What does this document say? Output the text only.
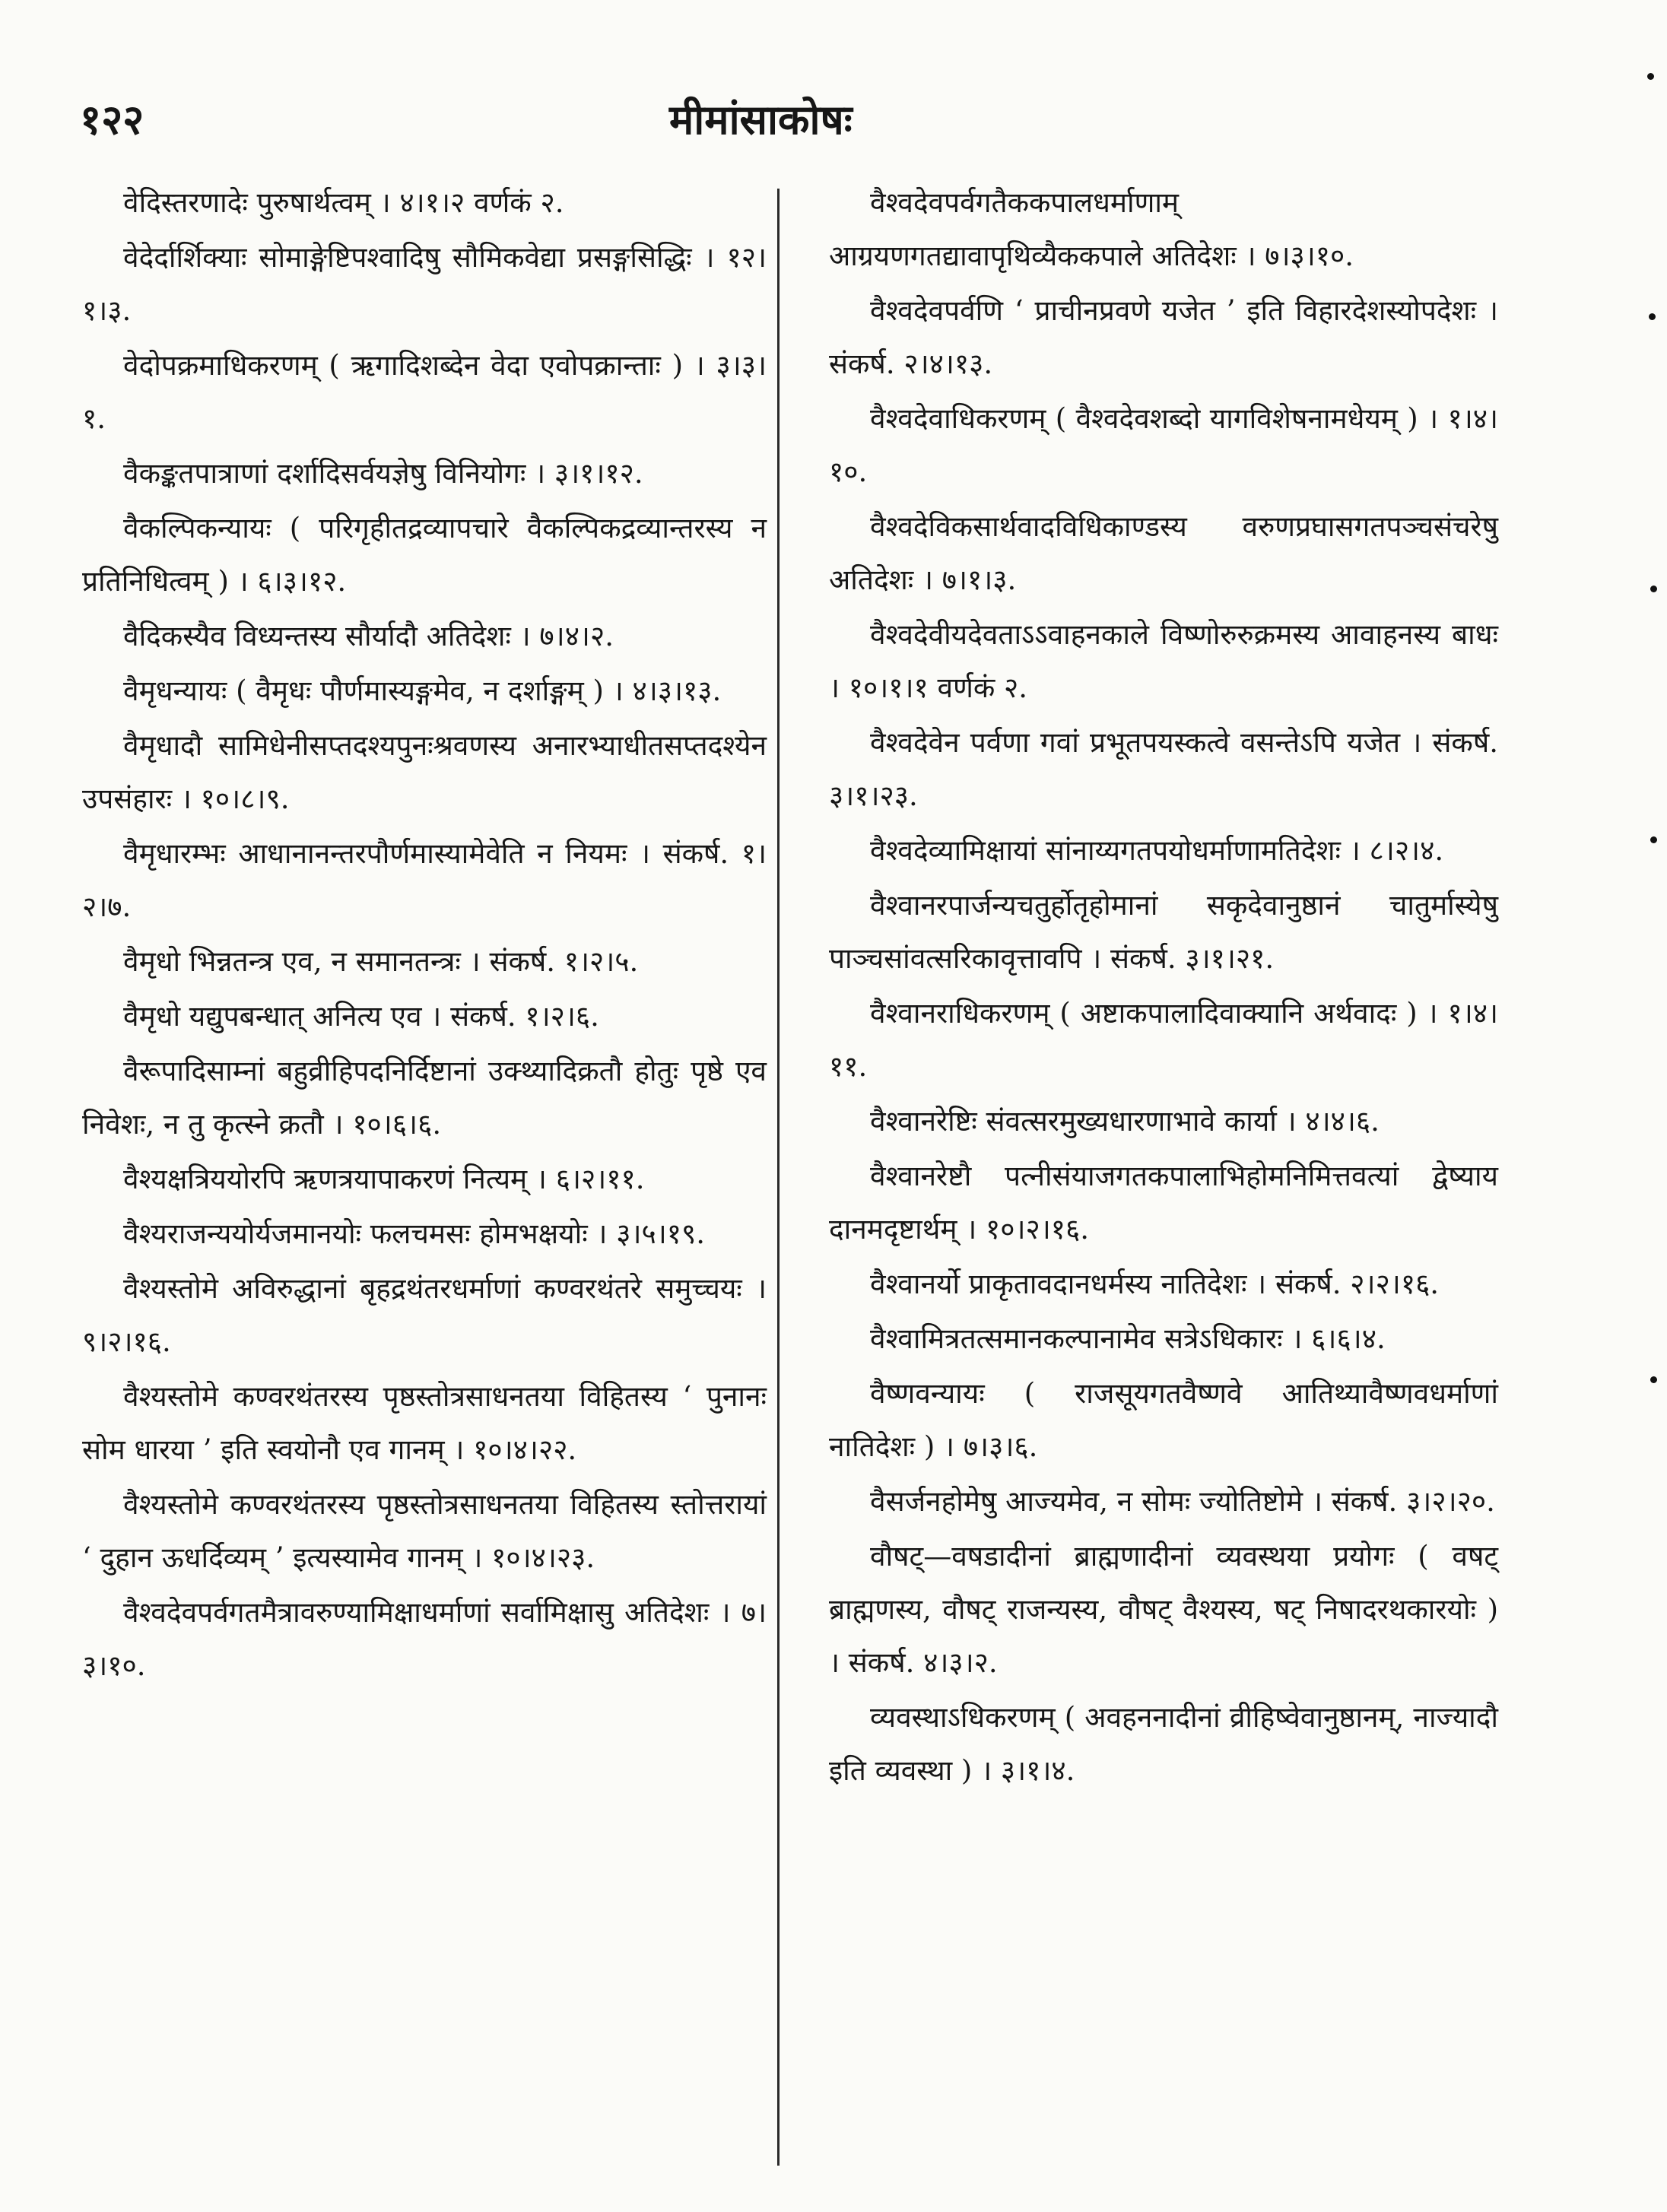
१२२	मीमांसाकोषः

वेदिस्तरणादेः पुरुषार्थत्वम् । ४।१।२ वर्णकं २.

वेदेर्दार्शिक्याः सोमाङ्गेष्टिपश्वादिषु सौमिकवेद्या प्रसङ्गसिद्धिः । १२।१।३.

वेदोपक्रमाधिकरणम् ( ऋगादिशब्देन वेदा एवोपक्रान्ताः ) । ३।३।१.

वैकङ्कतपात्राणां दर्शादिसर्वयज्ञेषु विनियोगः । ३।१।१२.

वैकल्पिकन्यायः ( परिगृहीतद्रव्यापचारे वैकल्पिकद्रव्यान्तरस्य न प्रतिनिधित्वम् ) । ६।३।१२.

वैदिकस्यैव विध्यन्तस्य सौर्यादौ अतिदेशः । ७।४।२.

वैमृधन्यायः ( वैमृधः पौर्णमास्यङ्गमेव, न दर्शाङ्गम् ) । ४।३।१३.

वैमृधादौ सामिधेनीसप्तदश्यपुनःश्रवणस्य अनारभ्याधीतसप्तदश्येन उपसंहारः । १०।८।९.

वैमृधारम्भः आधानानन्तरपौर्णमास्यामेवेति न नियमः । संकर्ष. १।२।७.

वैमृधो भिन्नतन्त्र एव, न समानतन्त्रः । संकर्ष. १।२।५.

वैमृधो यद्युपबन्धात् अनित्य एव । संकर्ष. १।२।६.

वैरूपादिसाम्नां बहुव्रीहिपदनिर्दिष्टानां उक्थ्यादिक्रतौ होतुः पृष्ठे एव निवेशः, न तु कृत्स्ने क्रतौ । १०।६।६.

वैश्यक्षत्रिययोरपि ऋणत्रयापाकरणं नित्यम् । ६।२।११.

वैश्यराजन्ययोर्यजमानयोः फलचमसः होमभक्षयोः । ३।५।१९.

वैश्यस्तोमे अविरुद्धानां बृहद्रथंतरधर्माणां कण्वरथंतरे समुच्चयः । ९।२।१६.

वैश्यस्तोमे कण्वरथंतरस्य पृष्ठस्तोत्रसाधनतया विहितस्य ‘ पुनानः सोम धारया ’ इति स्वयोनौ एव गानम् । १०।४।२२.

वैश्यस्तोमे कण्वरथंतरस्य पृष्ठस्तोत्रसाधनतया विहितस्य स्तोत्तरायां ‘ दुहान ऊधर्दिव्यम् ’ इत्यस्यामेव गानम् । १०।४।२३.

वैश्वदेवपर्वगतमैत्रावरुण्यामिक्षाधर्माणां सर्वामिक्षासु अतिदेशः । ७।३।१०.

वैश्वदेवपर्वगतैककपालधर्माणाम् आग्रयणगतद्यावापृथिव्यैककपाले अतिदेशः । ७।३।१०.

वैश्वदेवपर्वणि ‘ प्राचीनप्रवणे यजेत ’ इति विहारदेशस्योपदेशः । संकर्ष. २।४।१३.

वैश्वदेवाधिकरणम् ( वैश्वदेवशब्दो यागविशेषनामधेयम् ) । १।४।१०.

वैश्वदेविकसार्थवादविधिकाण्डस्य वरुणप्रघासगतपञ्चसंचरेषु अतिदेशः । ७।१।३.

वैश्वदेवीयदेवताऽऽवाहनकाले विष्णोरुरुक्रमस्य आवाहनस्य बाधः । १०।१।१ वर्णकं २.

वैश्वदेवेन पर्वणा गवां प्रभूतपयस्कत्वे वसन्तेऽपि यजेत । संकर्ष. ३।१।२३.

वैश्वदेव्यामिक्षायां सांनाय्यगतपयोधर्माणामतिदेशः । ८।२।४.

वैश्वानरपार्जन्यचतुर्होतृहोमानां सकृदेवानुष्ठानं चातुर्मास्येषु पाञ्चसांवत्सरिकावृत्तावपि । संकर्ष. ३।१।२१.

वैश्वानराधिकरणम् ( अष्टाकपालादिवाक्यानि अर्थवादः ) । १।४।११.

वैश्वानरेष्टिः संवत्सरमुख्यधारणाभावे कार्या । ४।४।६.

वैश्वानरेष्टौ पत्नीसंयाजगतकपालाभिहोमनिमित्तवत्यां द्वेष्याय दानमदृष्टार्थम् । १०।२।१६.

वैश्वानर्यो प्राकृतावदानधर्मस्य नातिदेशः । संकर्ष. २।२।१६.

वैश्वामित्रतत्समानकल्पानामेव सत्रेऽधिकारः । ६।६।४.

वैष्णवन्यायः ( राजसूयगतवैष्णवे आतिथ्यावैष्णवधर्माणां नातिदेशः ) । ७।३।६.

वैसर्जनहोमेषु आज्यमेव, न सोमः ज्योतिष्टोमे । संकर्ष. ३।२।२०.

वौषट्—वषडादीनां ब्राह्मणादीनां व्यवस्थया प्रयोगः ( वषट् ब्राह्मणस्य, वौषट् राजन्यस्य, वौषट् वैश्यस्य, षट् निषादरथकारयोः ) । संकर्ष. ४।३।२.

व्यवस्थाऽधिकरणम् ( अवहननादीनां व्रीहिष्वेवानुष्ठानम्, नाज्यादौ इति व्यवस्था ) । ३।१।४.
